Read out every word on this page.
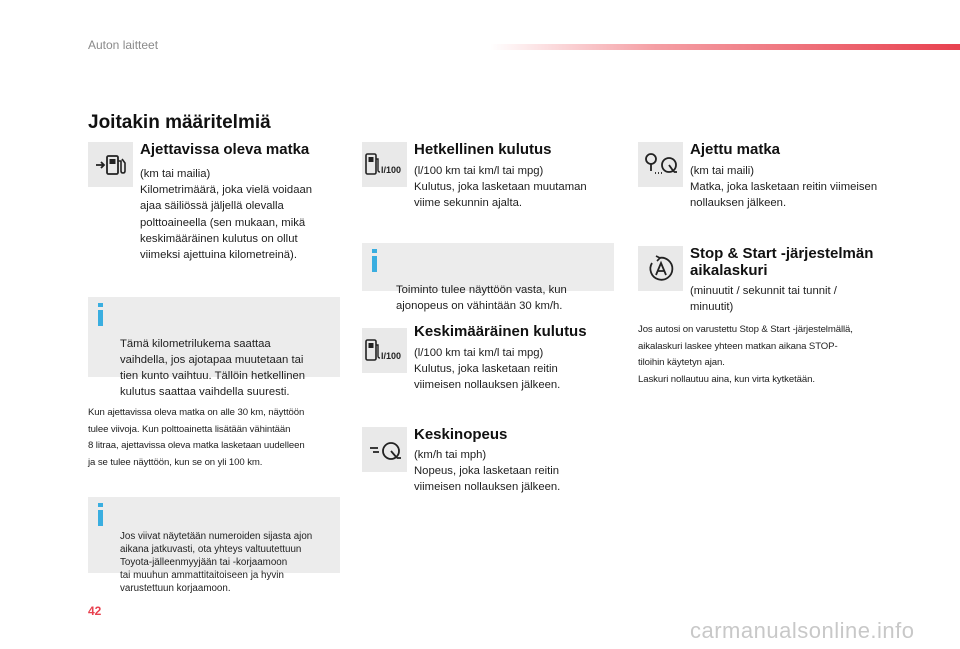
Auton laitteet
Joitakin määritelmiä
Ajettavissa oleva matka
(km tai mailia)
Kilometrimäärä, joka vielä voidaan
ajaa säiliössä jäljellä olevalla
polttoaineella (sen mukaan, mikä
keskimääräinen kulutus on ollut
viimeksi ajettuina kilometreinä).

Tämä kilometrilukema saattaa
vaihdella, jos ajotapaa muutetaan tai
tien kunto vaihtuu. Tällöin hetkellinen
kulutus saattaa vaihdella suuresti.

Kun ajettavissa oleva matka on alle 30 km, näyttöön
tulee viivoja. Kun polttoainetta lisätään vähintään
8 litraa, ajettavissa oleva matka lasketaan uudelleen
ja se tulee näyttöön, kun se on yli 100 km.

Jos viivat näytetään numeroiden sijasta ajon
aikana jatkuvasti, ota yhteys valtuutettuun
Toyota-jälleenmyyjään tai -korjaamoon
tai muuhun ammattitaitoiseen ja hyvin
varustettuun korjaamoon.

l/100
Hetkellinen kulutus
(l/100 km tai km/l tai mpg)
Kulutus, joka lasketaan muutaman
viime sekunnin ajalta.

Toiminto tulee näyttöön vasta, kun
ajonopeus on vähintään 30 km/h.

l/100
Keskimääräinen kulutus
(l/100 km tai km/l tai mpg)
Kulutus, joka lasketaan reitin
viimeisen nollauksen jälkeen.
Keskinopeus
(km/h tai mph)
Nopeus, joka lasketaan reitin
viimeisen nollauksen jälkeen.
Ajettu matka
(km tai maili)
Matka, joka lasketaan reitin viimeisen
nollauksen jälkeen.
Stop & Start -järjestelmän
aikalaskuri
(minuutit / sekunnit tai tunnit /
minuutit)
Jos autosi on varustettu Stop & Start -järjestelmällä,
aikalaskuri laskee yhteen matkan aikana STOP-
tiloihin käytetyn ajan.
Laskuri nollautuu aina, kun virta kytketään.
42
carmanualsonline.info
